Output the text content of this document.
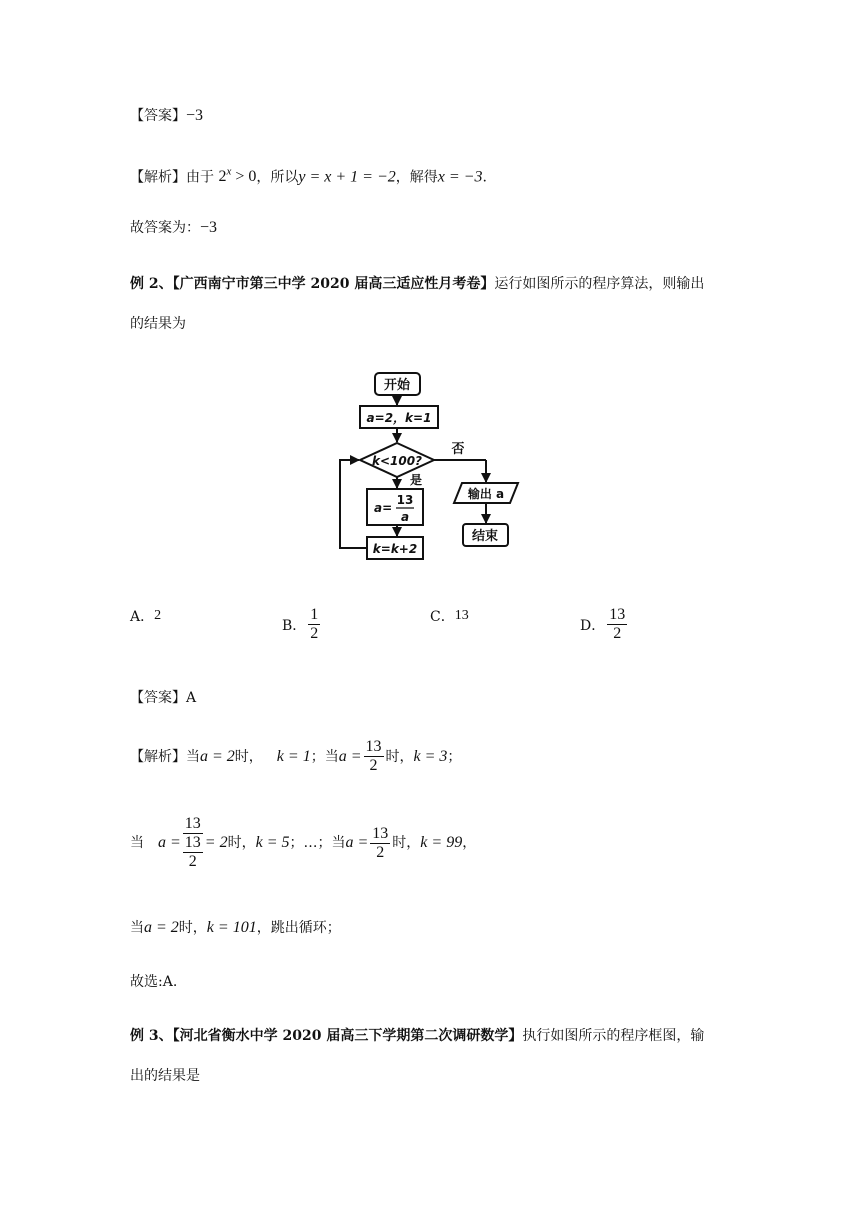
【答案】−3
【解析】由于 $2^x > 0$，所以y = x + 1 = −2，解得x = −3.
故答案为：−3
例 2、【广西南宁市第三中学 2020 届高三适应性月考卷】运行如图所示的程序算法，则输出
的结果为
开始
a=2，k=1
k<100?
否
是
a=
13
a
k=k+2
输出 a
结束
A． 2
B． $\frac{1}{2}$	C． 13
D． $\frac{13}{2}$
【答案】A
【解析】 当 a = 2 时， k = 1 ；当 $a = \frac{13}{2}$ 时， k = 3 ；
当 $a = \frac{13}{\frac{13}{2}} = 2$ 时， k = 5 ；…；当 $a = \frac{13}{2}$ 时， k = 99 ，
当a = 2时，k = 101，跳出循环；
故选:A.
例 3、【河北省衡水中学 2020 届高三下学期第二次调研数学】执行如图所示的程序框图，输
出的结果是
